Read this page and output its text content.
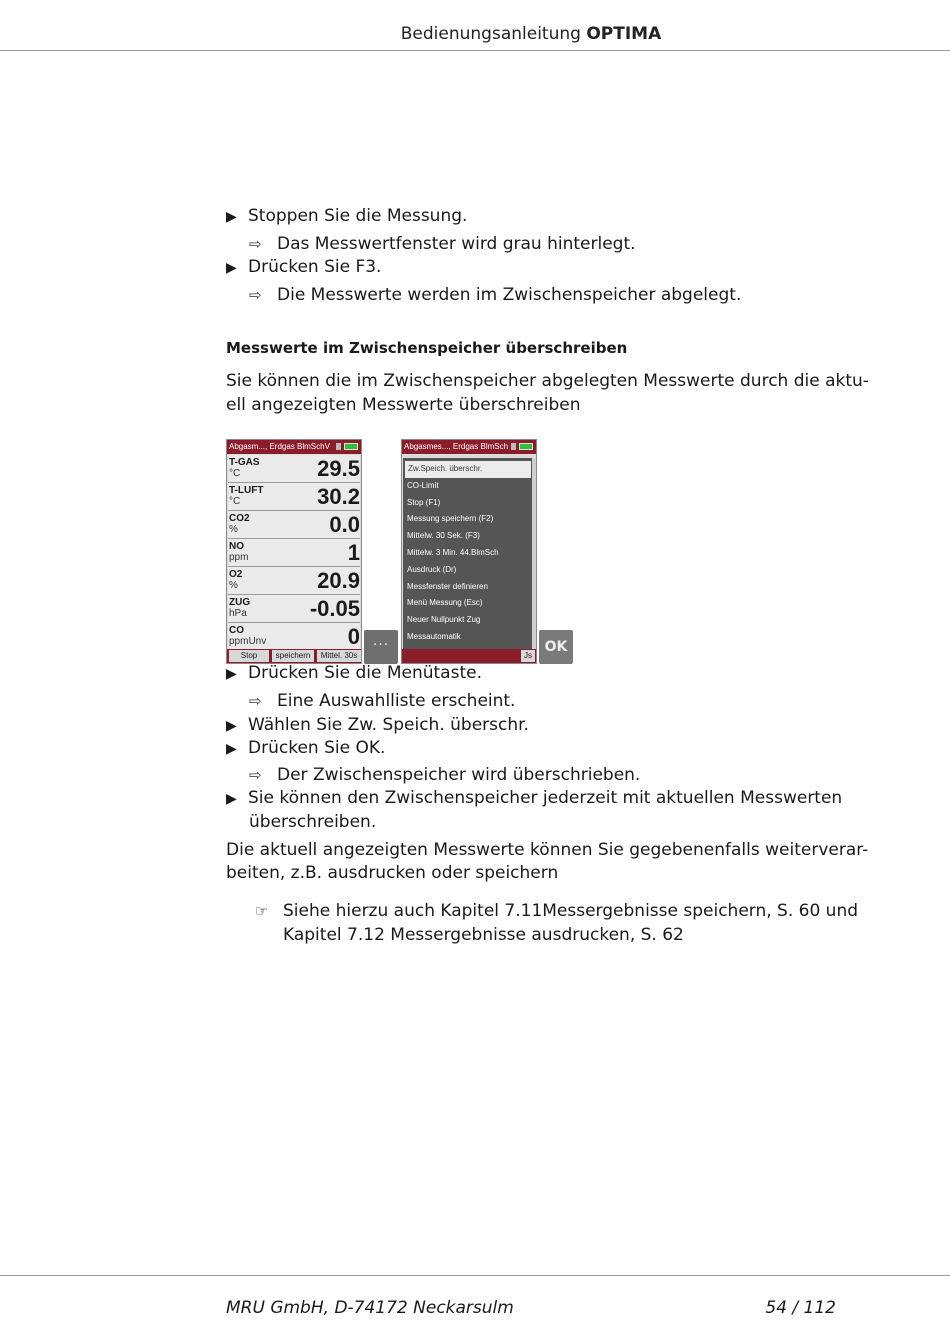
Bedienungsanleitung OPTIMA
▶ Stoppen Sie die Messung.
⇨ Das Messwertfenster wird grau hinterlegt.
▶ Drücken Sie F3.
⇨ Die Messwerte werden im Zwischenspeicher abgelegt.
Messwerte im Zwischenspeicher überschreiben
Sie können die im Zwischenspeicher abgelegten Messwerte durch die aktu-
ell angezeigten Messwerte überschreiben
Abgasm..., Erdgas BlmSchV
T-GAS
°C	29.5
T-LUFT
°C	30.2
CO2
%	0.0
NO
ppm	1
O2
%	20.9
ZUG
hPa	-0.05
CO
ppmUnv	0
Stop	speichern	Mittel. 30s
···
Abgasmes..., Erdgas BlmSch
Zw.Speich. überschr.
CO-Limit
Stop (F1)
Messung speichern (F2)
Mittelw. 30 Sek. (F3)
Mittelw. 3 Min. 44.BlmSch
Ausdruck (Dr)
Messfenster definieren
Menü Messung (Esc)
Neuer Nullpunkt Zug
Messautomatik
Js
OK
▶ Drücken Sie die Menütaste.
⇨ Eine Auswahlliste erscheint.
▶ Wählen Sie Zw. Speich. überschr.
▶ Drücken Sie OK.
⇨ Der Zwischenspeicher wird überschrieben.
▶ Sie können den Zwischenspeicher jederzeit mit aktuellen Messwerten
überschreiben.
Die aktuell angezeigten Messwerte können Sie gegebenenfalls weiterverar-
beiten, z.B. ausdrucken oder speichern
☞ Siehe hierzu auch Kapitel 7.11Messergebnisse speichern, S. 60 und
Kapitel 7.12 Messergebnisse ausdrucken, S. 62
MRU GmbH, D-74172 Neckarsulm	54 / 112
